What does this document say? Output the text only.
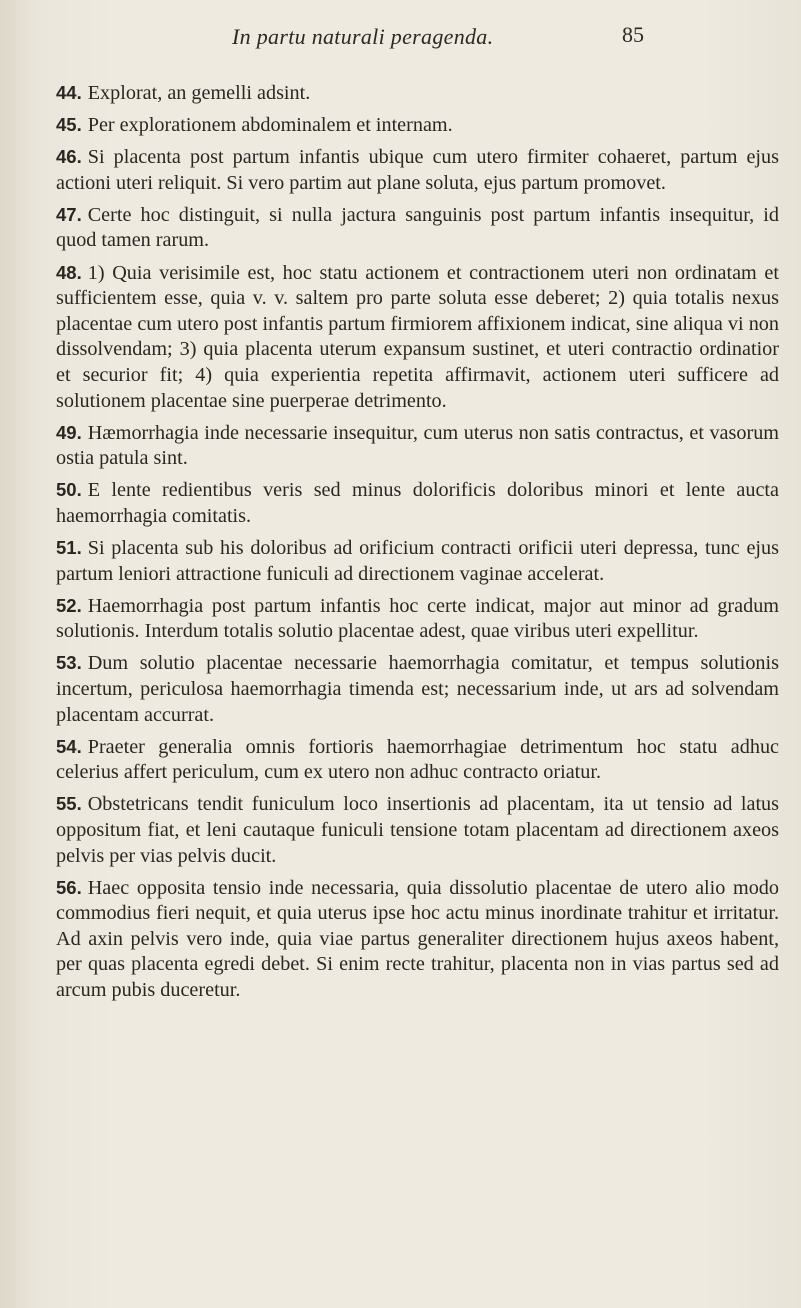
In partu naturali peragenda.	85

44. Explorat, an gemelli adsint.

45. Per explorationem abdominalem et internam.

46. Si placenta post partum infantis ubique cum utero firmiter cohaeret, partum ejus actioni uteri reliquit. Si vero partim aut plane soluta, ejus partum promovet.

47. Certe hoc distinguit, si nulla jactura sanguinis post partum infantis insequitur, id quod tamen rarum.

48. 1) Quia verisimile est, hoc statu actionem et contractionem uteri non ordinatam et sufficientem esse, quia v. v. saltem pro parte soluta esse deberet; 2) quia totalis nexus placentae cum utero post infantis partum firmiorem affixionem indicat, sine aliqua vi non dissolvendam; 3) quia placenta uterum expansum sustinet, et uteri contractio ordinatior et securior fit; 4) quia experientia repetita affirmavit, actionem uteri sufficere ad solutionem placentae sine puerperae detrimento.

49. Hæmorrhagia inde necessarie insequitur, cum uterus non satis contractus, et vasorum ostia patula sint.

50. E lente redientibus veris sed minus dolorificis doloribus minori et lente aucta haemorrhagia comitatis.

51. Si placenta sub his doloribus ad orificium contracti orificii uteri depressa, tunc ejus partum leniori attractione funiculi ad directionem vaginae accelerat.

52. Haemorrhagia post partum infantis hoc certe indicat, major aut minor ad gradum solutionis. Interdum totalis solutio placentae adest, quae viribus uteri expellitur.

53. Dum solutio placentae necessarie haemorrhagia comitatur, et tempus solutionis incertum, periculosa haemorrhagia timenda est; necessarium inde, ut ars ad solvendam placentam accurrat.

54. Praeter generalia omnis fortioris haemorrhagiae detrimentum hoc statu adhuc celerius affert periculum, cum ex utero non adhuc contracto oriatur.

55. Obstetricans tendit funiculum loco insertionis ad placentam, ita ut tensio ad latus oppositum fiat, et leni cautaque funiculi tensione totam placentam ad directionem axeos pelvis per vias pelvis ducit.

56. Haec opposita tensio inde necessaria, quia dissolutio placentae de utero alio modo commodius fieri nequit, et quia uterus ipse hoc actu minus inordinate trahitur et irritatur. Ad axin pelvis vero inde, quia viae partus generaliter directionem hujus axeos habent, per quas placenta egredi debet. Si enim recte trahitur, placenta non in vias partus sed ad arcum pubis duceretur.
